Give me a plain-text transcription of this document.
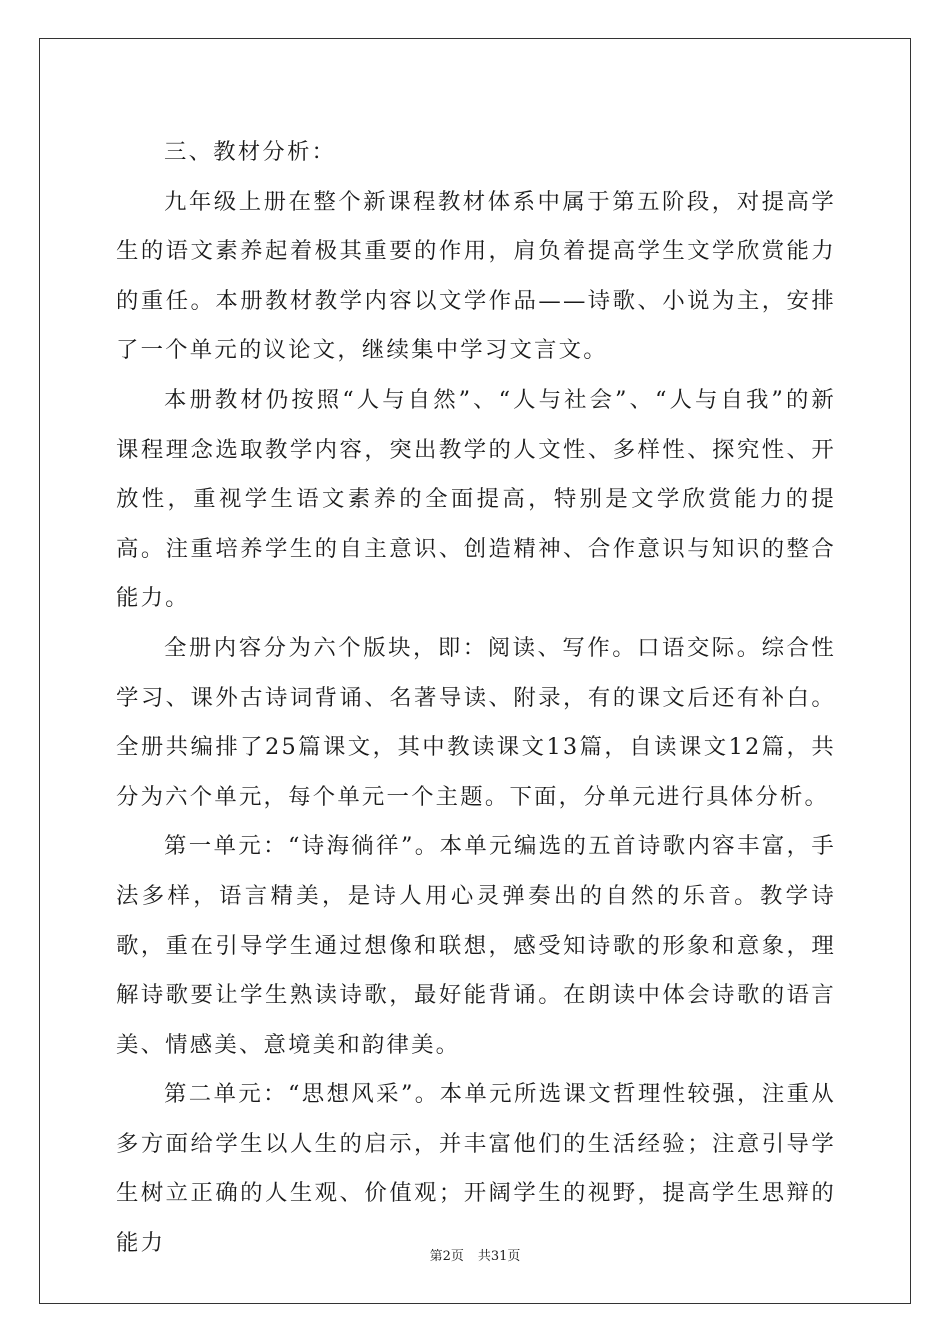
三、教材分析：

九年级上册在整个新课程教材体系中属于第五阶段，对提高学生的语文素养起着极其重要的作用，肩负着提高学生文学欣赏能力的重任。本册教材教学内容以文学作品——诗歌、小说为主，安排了一个单元的议论文，继续集中学习文言文。

本册教材仍按照“人与自然”、“人与社会”、“人与自我”的新课程理念选取教学内容，突出教学的人文性、多样性、探究性、开放性，重视学生语文素养的全面提高，特别是文学欣赏能力的提高。注重培养学生的自主意识、创造精神、合作意识与知识的整合能力。

全册内容分为六个版块，即：阅读、写作。口语交际。综合性学习、课外古诗词背诵、名著导读、附录，有的课文后还有补白。全册共编排了25篇课文，其中教读课文13篇，自读课文12篇，共分为六个单元，每个单元一个主题。下面，分单元进行具体分析。

第一单元：“诗海徜徉”。本单元编选的五首诗歌内容丰富，手法多样，语言精美，是诗人用心灵弹奏出的自然的乐音。教学诗歌，重在引导学生通过想像和联想，感受知诗歌的形象和意象，理解诗歌要让学生熟读诗歌，最好能背诵。在朗读中体会诗歌的语言美、情感美、意境美和韵律美。

第二单元：“思想风采”。本单元所选课文哲理性较强，注重从多方面给学生以人生的启示，并丰富他们的生活经验；注意引导学生树立正确的人生观、价值观；开阔学生的视野，提高学生思辩的能力

第2页 共31页
